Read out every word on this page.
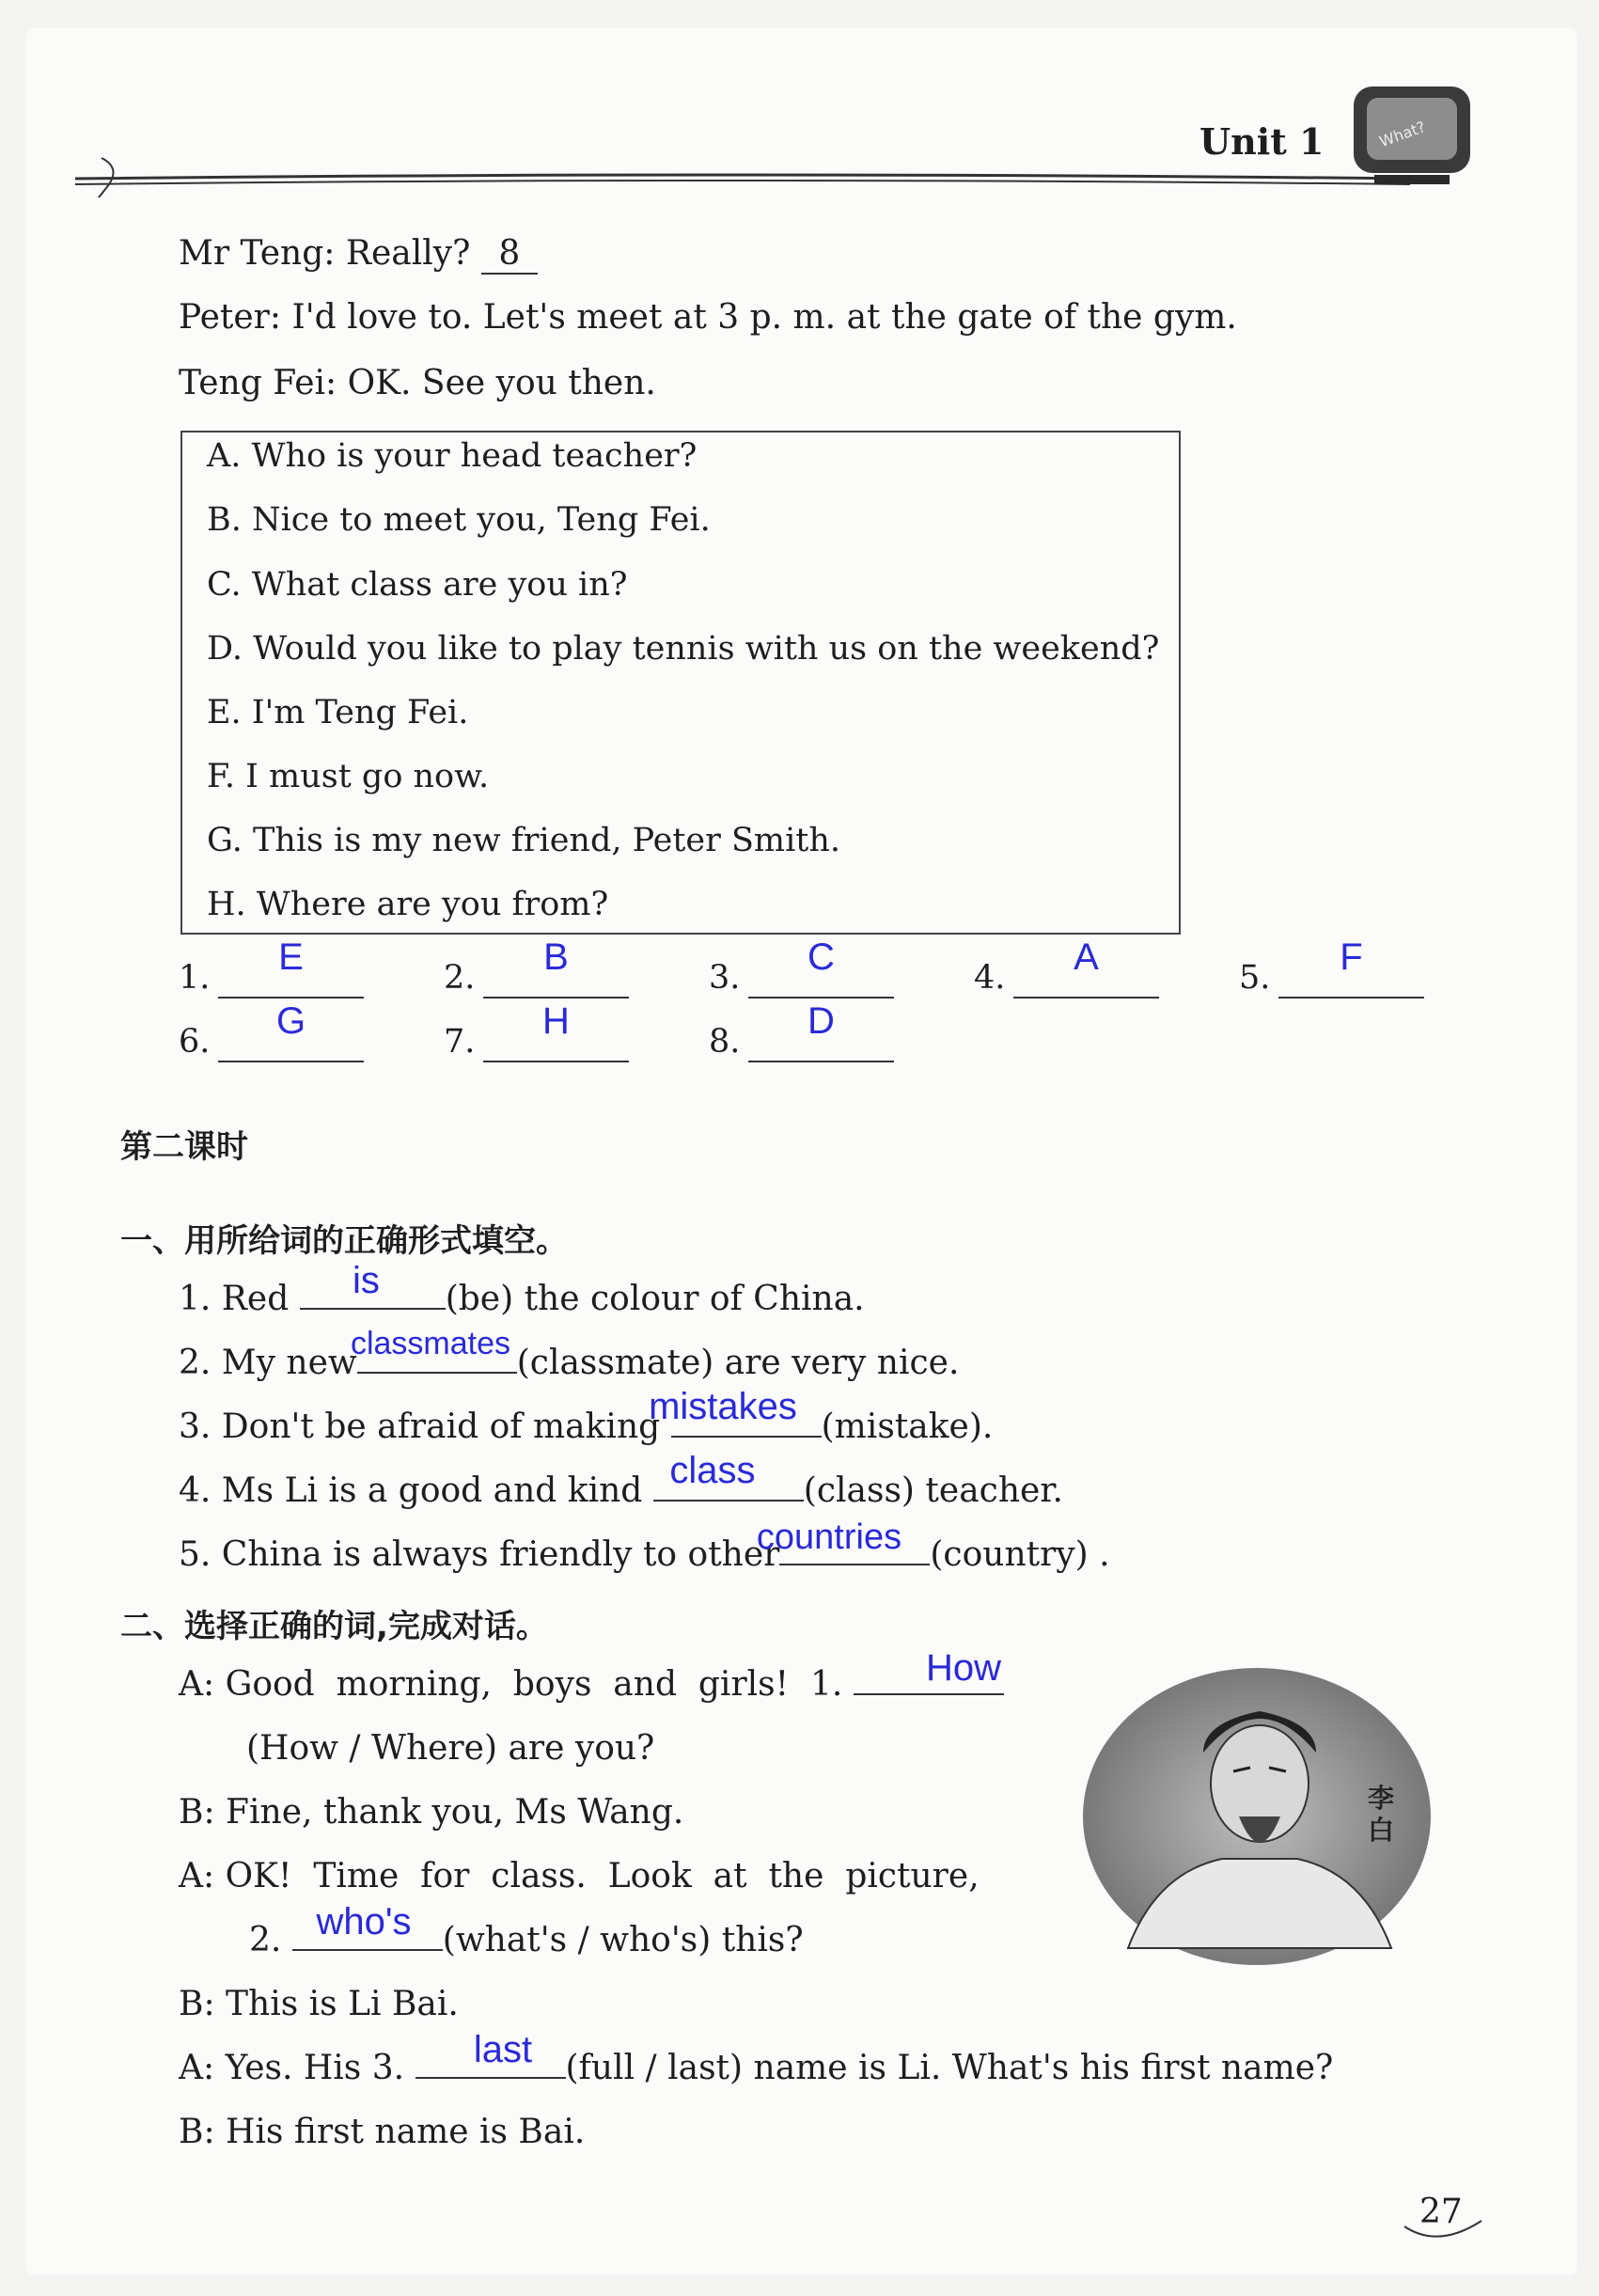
Unit 1	What?
Mr Teng: Really? 8
Peter: I'd love to. Let's meet at 3 p. m. at the gate of the gym.
Teng Fei: OK. See you then.
A. Who is your head teacher?
B. Nice to meet you, Teng Fei.
C. What class are you in?
D. Would you like to play tennis with us on the weekend?
E. I'm Teng Fei.
F. I must go now.
G. This is my new friend, Peter Smith.
H. Where are you from?
1.	E	2.	B	3.	C	4.	A	5.	F
6.	G	7.	H	8.	D
第二课时
一、用所给词的正确形式填空。
1. Red	(be) the colour of China.
is
2. My new	(classmate) are very nice.
classmates
3. Don't be afraid of making	(mistake).
mistakes
4. Ms Li is a good and kind	(class) teacher.
class
5. China is always friendly to other	(country) .
countries
二、选择正确的词,完成对话。
A: Good  morning,  boys  and  girls!  1.	How
(How / Where) are you?
B: Fine, thank you, Ms Wang.
A: OK!  Time  for  class.  Look  at  the  picture,
2.	(what's / who's) this?
who's
B: This is Li Bai.
A: Yes. His 3.	(full / last) name is Li. What's his first name?
last
B: His first name is Bai.
李白
27
